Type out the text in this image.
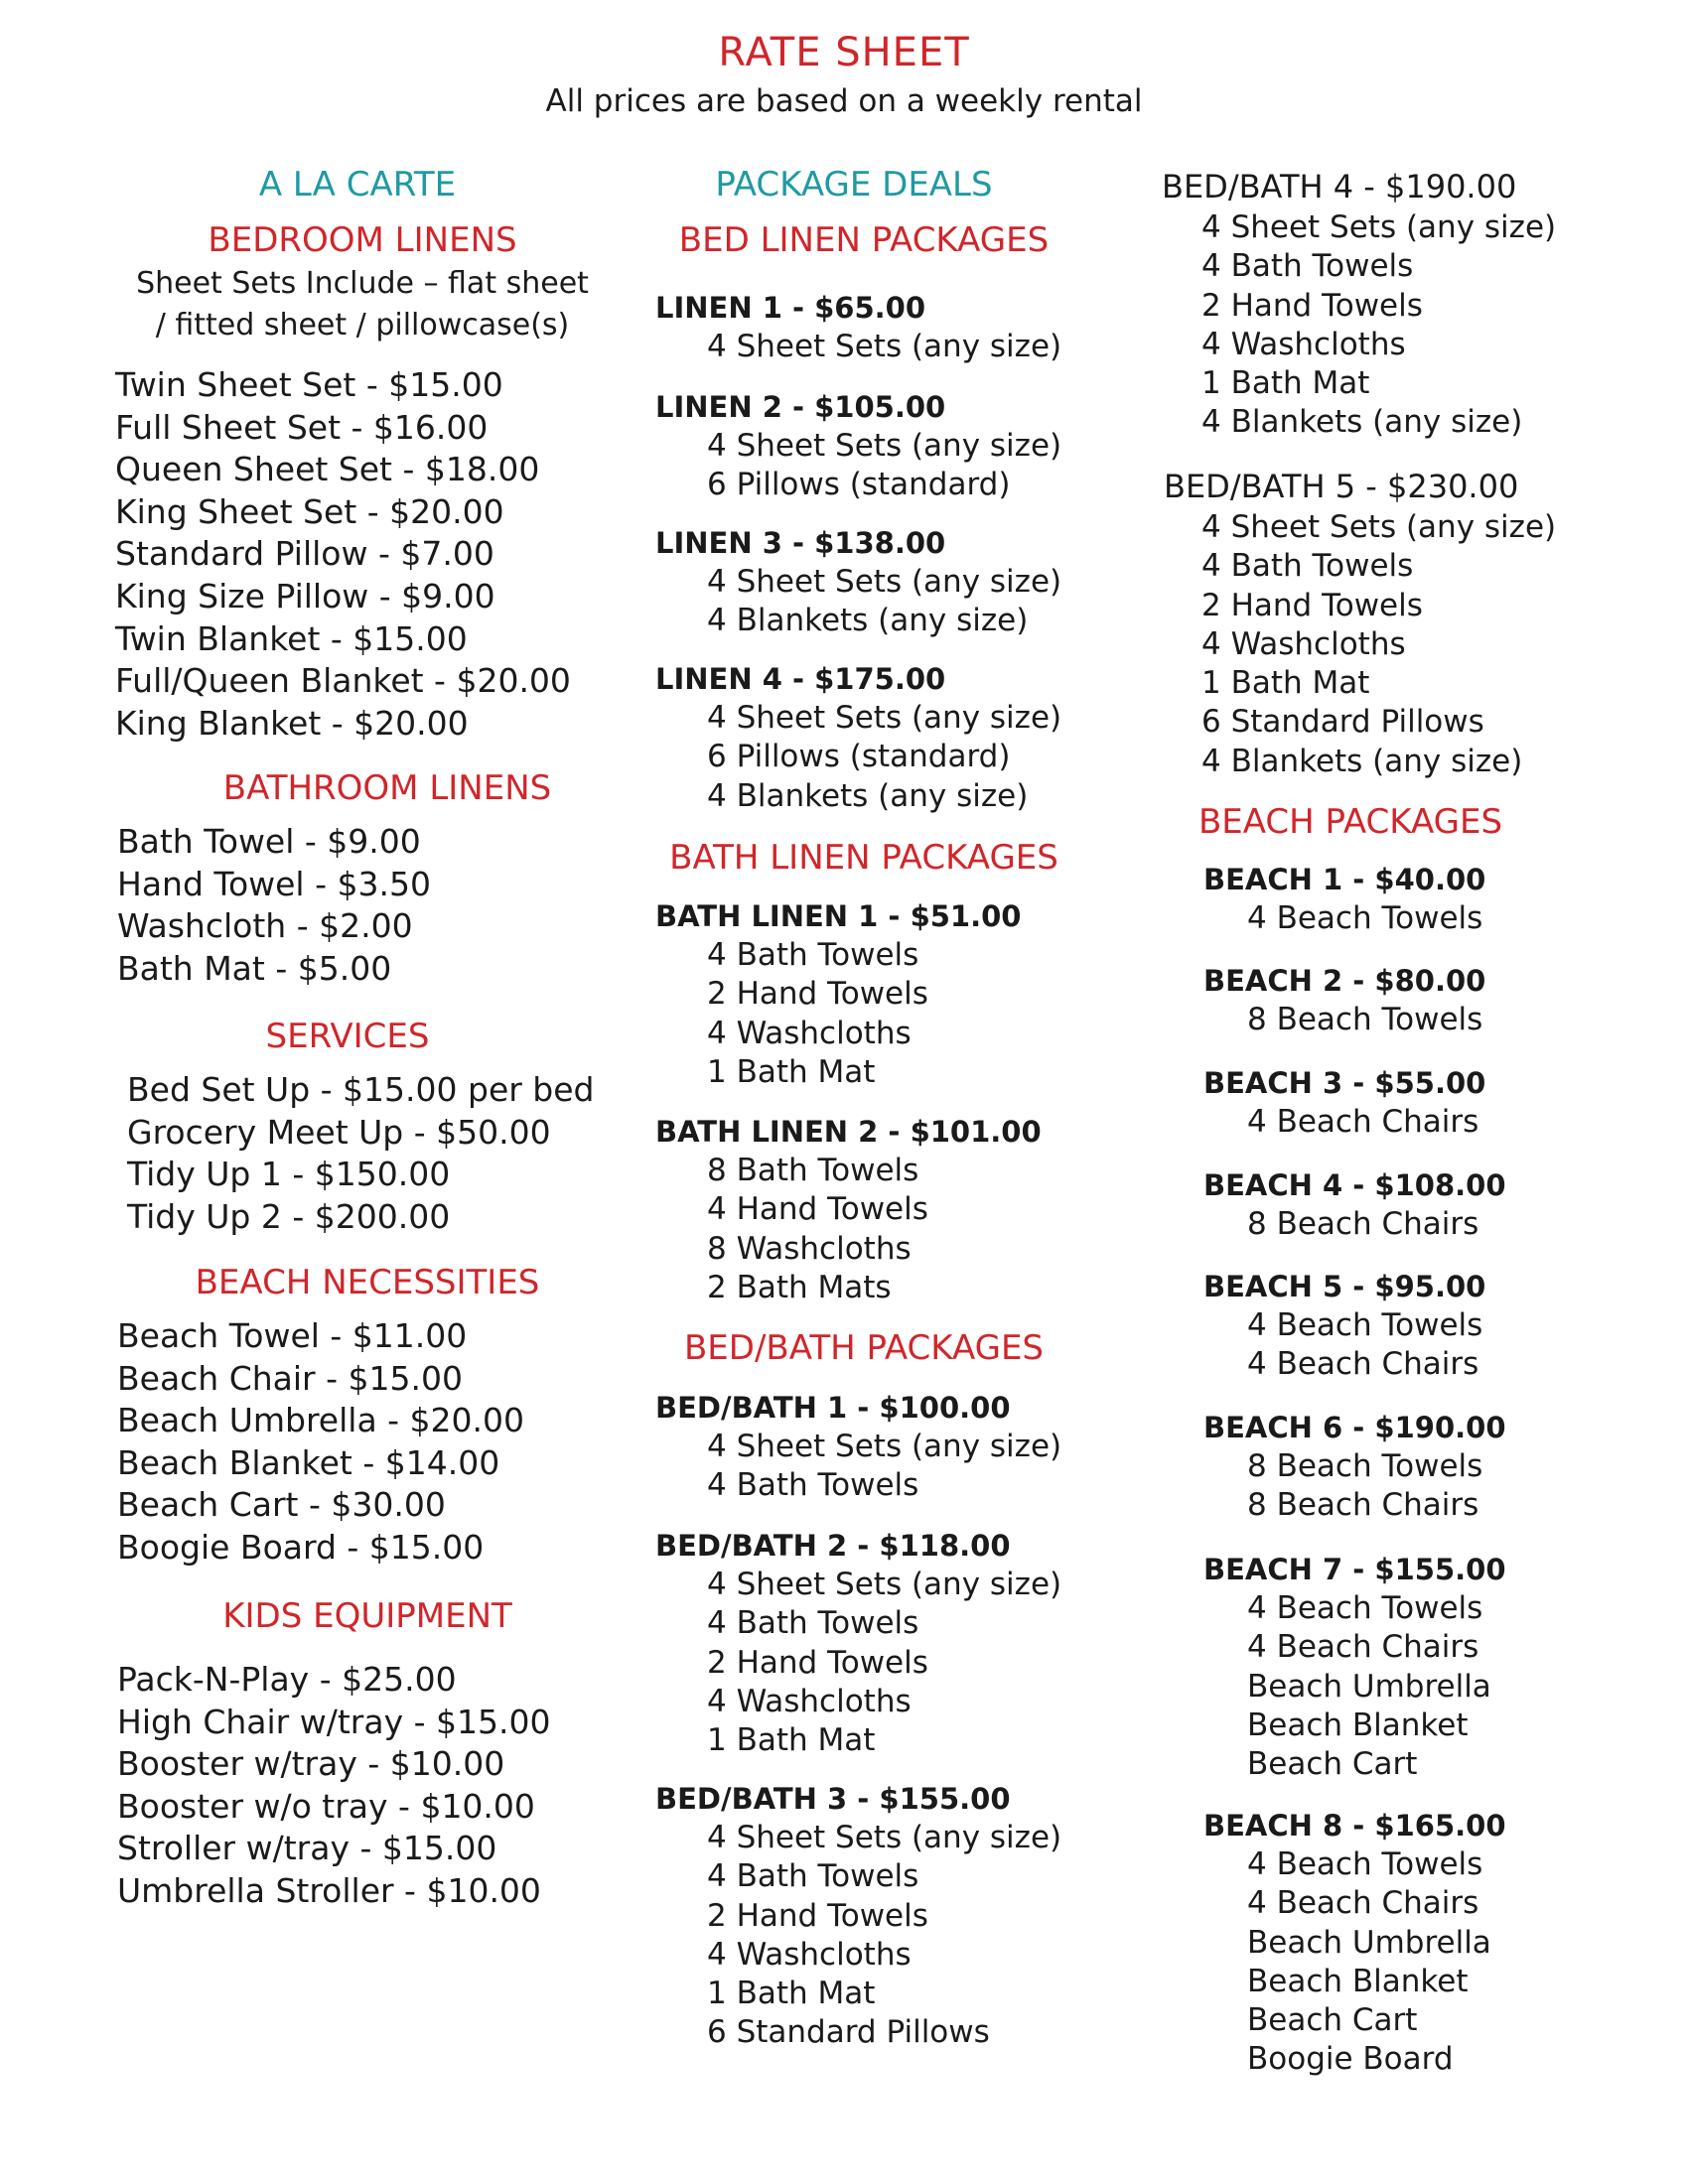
RATE SHEET
All prices are based on a weekly rental
A LA CARTE
BEDROOM LINENS
Sheet Sets Include – flat sheet
/ fitted sheet / pillowcase(s)
Twin Sheet Set - $15.00
Full Sheet Set - $16.00
Queen Sheet Set - $18.00
King Sheet Set - $20.00
Standard Pillow - $7.00
King Size Pillow - $9.00
Twin Blanket - $15.00
Full/Queen Blanket - $20.00
King Blanket - $20.00
BATHROOM LINENS
Bath Towel - $9.00
Hand Towel - $3.50
Washcloth - $2.00
Bath Mat - $5.00
SERVICES
Bed Set Up - $15.00 per bed
Grocery Meet Up - $50.00
Tidy Up 1 - $150.00
Tidy Up 2 - $200.00
BEACH NECESSITIES
Beach Towel - $11.00
Beach Chair - $15.00
Beach Umbrella - $20.00
Beach Blanket - $14.00
Beach Cart - $30.00
Boogie Board - $15.00
KIDS EQUIPMENT
Pack-N-Play - $25.00
High Chair w/tray - $15.00
Booster w/tray - $10.00
Booster w/o tray - $10.00
Stroller w/tray - $15.00
Umbrella Stroller - $10.00
PACKAGE DEALS
BED LINEN PACKAGES
LINEN 1 - $65.00
4 Sheet Sets (any size)
LINEN 2 - $105.00
4 Sheet Sets (any size)
6 Pillows (standard)
LINEN 3 - $138.00
4 Sheet Sets (any size)
4 Blankets (any size)
LINEN 4 - $175.00
4 Sheet Sets (any size)
6 Pillows (standard)
4 Blankets (any size)
BATH LINEN PACKAGES
BATH LINEN 1 - $51.00
4 Bath Towels
2 Hand Towels
4 Washcloths
1 Bath Mat
BATH LINEN 2 - $101.00
8 Bath Towels
4 Hand Towels
8 Washcloths
2 Bath Mats
BED/BATH PACKAGES
BED/BATH 1 - $100.00
4 Sheet Sets (any size)
4 Bath Towels
BED/BATH 2 - $118.00
4 Sheet Sets (any size)
4 Bath Towels
2 Hand Towels
4 Washcloths
1 Bath Mat
BED/BATH 3 - $155.00
4 Sheet Sets (any size)
4 Bath Towels
2 Hand Towels
4 Washcloths
1 Bath Mat
6 Standard Pillows
BED/BATH 4 - $190.00
4 Sheet Sets (any size)
4 Bath Towels
2 Hand Towels
4 Washcloths
1 Bath Mat
4 Blankets (any size)
BED/BATH 5 - $230.00
4 Sheet Sets (any size)
4 Bath Towels
2 Hand Towels
4 Washcloths
1 Bath Mat
6 Standard Pillows
4 Blankets (any size)
BEACH PACKAGES
BEACH 1 - $40.00
4 Beach Towels
BEACH 2 - $80.00
8 Beach Towels
BEACH 3 - $55.00
4 Beach Chairs
BEACH 4 - $108.00
8 Beach Chairs
BEACH 5 - $95.00
4 Beach Towels
4 Beach Chairs
BEACH 6 - $190.00
8 Beach Towels
8 Beach Chairs
BEACH 7 - $155.00
4 Beach Towels
4 Beach Chairs
Beach Umbrella
Beach Blanket
Beach Cart
BEACH 8 - $165.00
4 Beach Towels
4 Beach Chairs
Beach Umbrella
Beach Blanket
Beach Cart
Boogie Board
